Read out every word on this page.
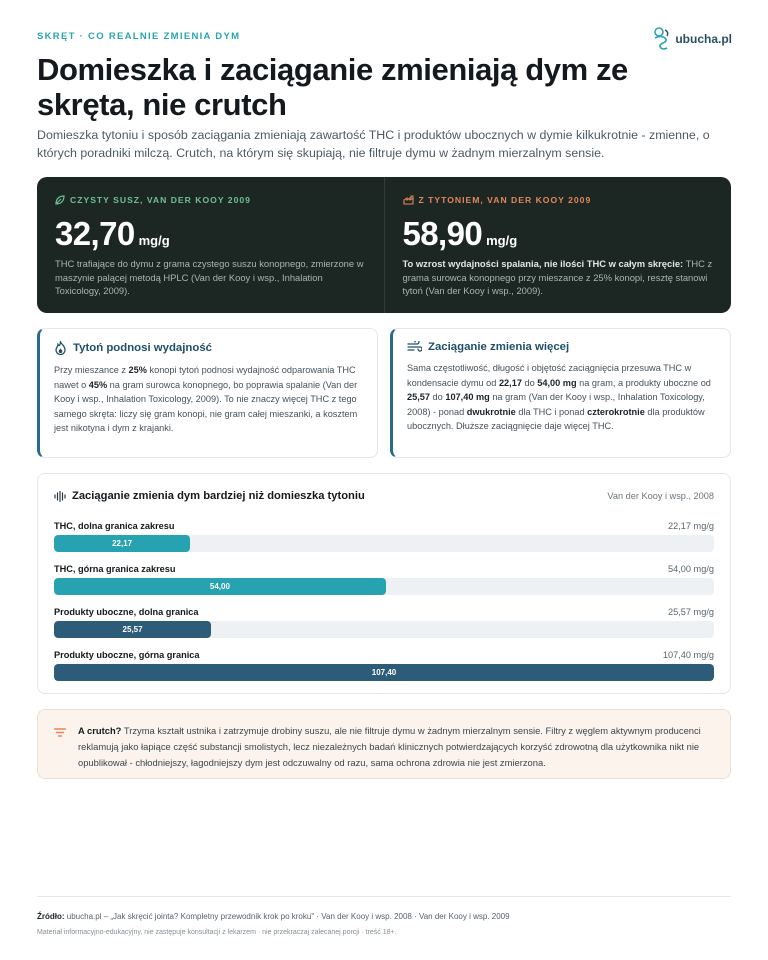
SKRĘT · CO REALNIE ZMIENIA DYM	ubucha.pl
Domieszka i zaciąganie zmieniają dym ze skręta, nie crutch

Domieszka tytoniu i sposób zaciągania zmieniają zawartość THC i produktów ubocznych w dymie kilkukrotnie - zmienne, o których poradniki milczą. Crutch, na którym się skupiają, nie filtruje dymu w żadnym mierzalnym sensie.

CZYSTY SUSZ, VAN DER KOOY 2009
32,70 mg/g

THC trafiające do dymu z grama czystego suszu konopnego, zmierzone w maszynie palącej metodą HPLC (Van der Kooy i wsp., Inhalation Toxicology, 2009).

Z TYTONIEM, VAN DER KOOY 2009
58,90 mg/g

To wzrost wydajności spalania, nie ilości THC w całym skręcie: THC z grama surowca konopnego przy mieszance z 25% konopi, resztę stanowi tytoń (Van der Kooy i wsp., 2009).

Tytoń podnosi wydajność

Przy mieszance z 25% konopi tytoń podnosi wydajność odparowania THC nawet o 45% na gram surowca konopnego, bo poprawia spalanie (Van der Kooy i wsp., Inhalation Toxicology, 2009). To nie znaczy więcej THC z tego samego skręta: liczy się gram konopi, nie gram całej mieszanki, a kosztem jest nikotyna i dym z krajanki.

Zaciąganie zmienia więcej

Sama częstotliwość, długość i objętość zaciągnięcia przesuwa THC w kondensacie dymu od 22,17 do 54,00 mg na gram, a produkty uboczne od 25,57 do 107,40 mg na gram (Van der Kooy i wsp., Inhalation Toxicology, 2008) - ponad dwukrotnie dla THC i ponad czterokrotnie dla produktów ubocznych. Dłuższe zaciągnięcie daje więcej THC.

Zaciąganie zmienia dym bardziej niż domieszka tytoniu	Van der Kooy i wsp., 2008
THC, dolna granica zakresu	22,17 mg/g
22,17
THC, górna granica zakresu	54,00 mg/g
54,00
Produkty uboczne, dolna granica	25,57 mg/g
25,57
Produkty uboczne, górna granica	107,40 mg/g
107,40

A crutch? Trzyma kształt ustnika i zatrzymuje drobiny suszu, ale nie filtruje dymu w żadnym mierzalnym sensie. Filtry z węglem aktywnym producenci reklamują jako łapiące część substancji smolistych, lecz niezależnych badań klinicznych potwierdzających korzyść zdrowotną dla użytkownika nikt nie opublikował - chłodniejszy, łagodniejszy dym jest odczuwalny od razu, sama ochrona zdrowia nie jest zmierzona.

Źródło: ubucha.pl – „Jak skręcić jointa? Kompletny przewodnik krok po kroku" · Van der Kooy i wsp. 2008 · Van der Kooy i wsp. 2009

Materiał informacyjno-edukacyjny, nie zastępuje konsultacji z lekarzem · nie przekraczaj zalecanej porcji · treść 18+.
